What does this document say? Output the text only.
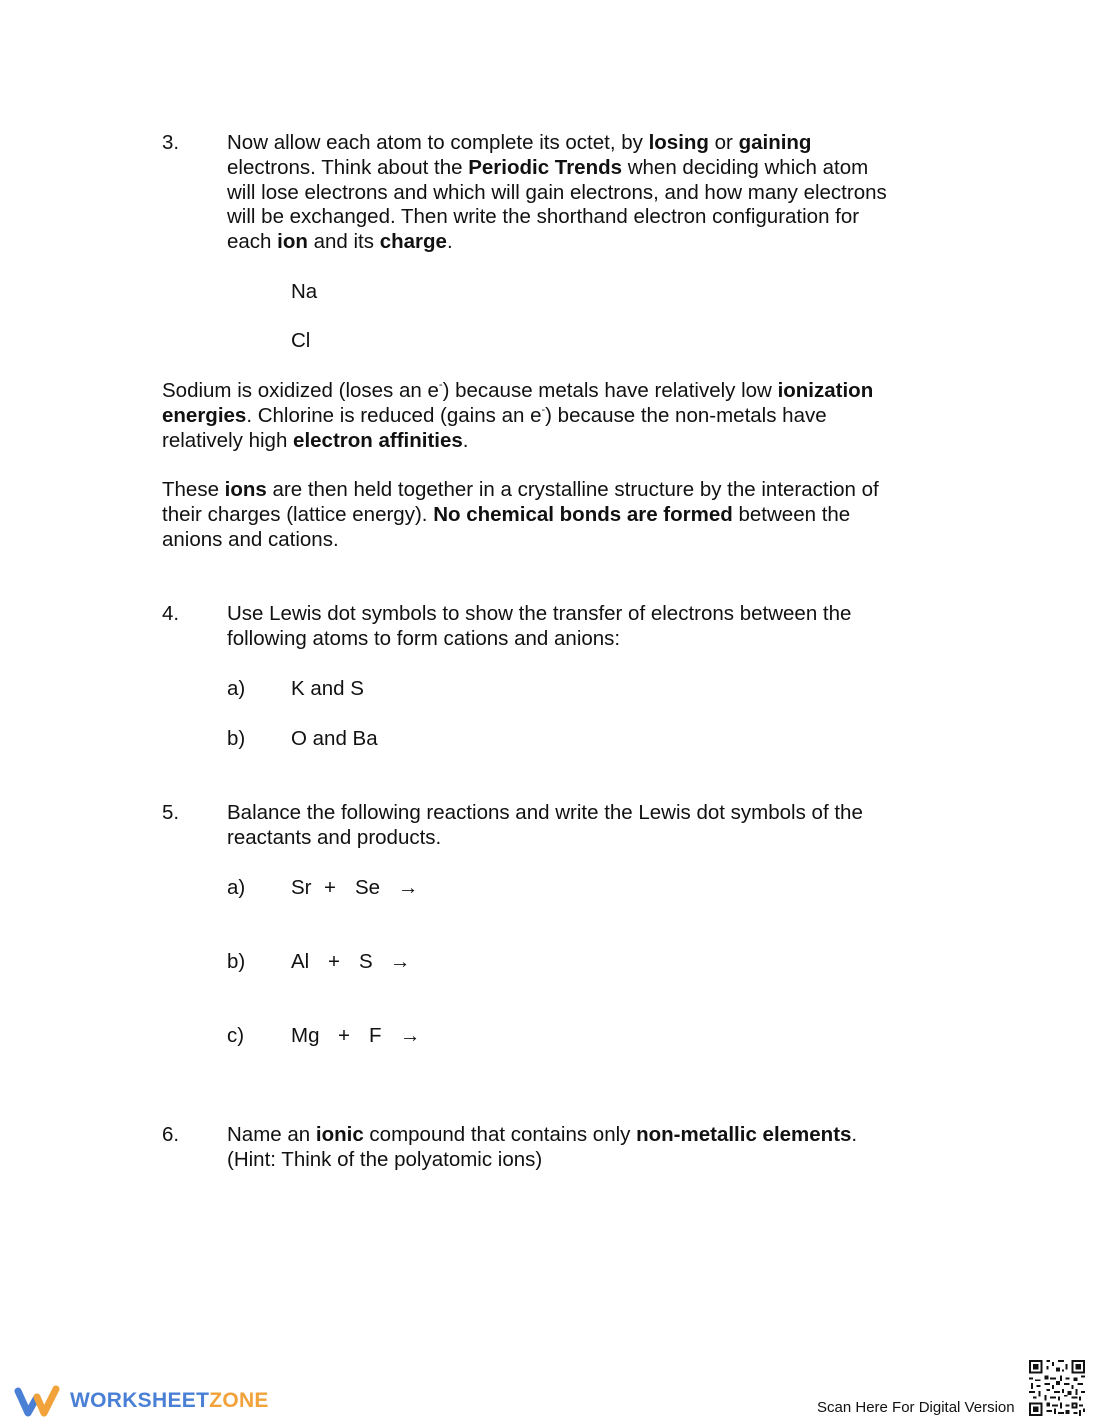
3. Now allow each atom to complete its octet, by losing or gaining
electrons. Think about the Periodic Trends when deciding which atom
will lose electrons and which will gain electrons, and how many electrons
will be exchanged. Then write the shorthand electron configuration for
each ion and its charge.
Na
Cl
Sodium is oxidized (loses an e-) because metals have relatively low ionization
energies. Chlorine is reduced (gains an e-) because the non-metals have
relatively high electron affinities.
These ions are then held together in a crystalline structure by the interaction of
their charges (lattice energy). No chemical bonds are formed between the
anions and cations.
4. Use Lewis dot symbols to show the transfer of electrons between the
following atoms to form cations and anions:
a) K and S
b) O and Ba
5. Balance the following reactions and write the Lewis dot symbols of the
reactants and products.
a) Sr + Se →
b) Al + S →
c) Mg + F →
6. Name an ionic compound that contains only non-metallic elements.
(Hint: Think of the polyatomic ions)
WORKSHEETZONE	Scan Here For Digital Version
